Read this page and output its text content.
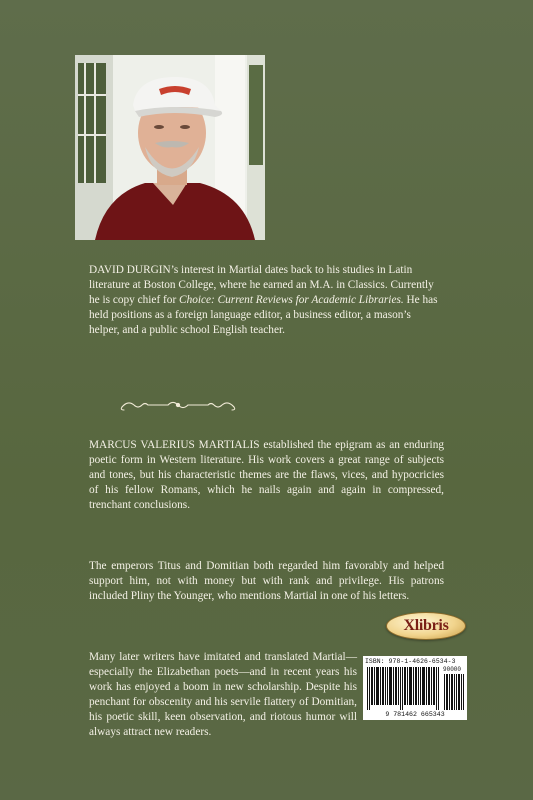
DAVID DURGIN’s interest in Martial dates back to his studies in Latin literature at Boston College, where he earned an M.A. in Classics. Currently he is copy chief for Choice: Current Reviews for Academic Libraries. He has held positions as a foreign language editor, a business editor, a mason’s helper, and a public school English teacher.

MARCUS VALERIUS MARTIALIS established the epigram as an enduring poetic form in Western literature. His work covers a great range of subjects and tones, but his characteristic themes are the flaws, vices, and hypocricies of his fellow Romans, which he nails again and again in compressed, trenchant conclusions.

The emperors Titus and Domitian both regarded him favorably and helped support him, not with money but with rank and privilege. His patrons included Pliny the Younger, who mentions Martial in one of his letters.

Many later writers have imitated and translated Martial—especially the Elizabethan poets—and in recent years his work has enjoyed a boom in new scholarship. Despite his penchant for obscenity and his servile flattery of Domitian, his poetic skill, keen observation, and riotous humor will always attract new readers.

Xlibris
ISBN: 978-1-4626-6534-3
90000
9 781462 665343
